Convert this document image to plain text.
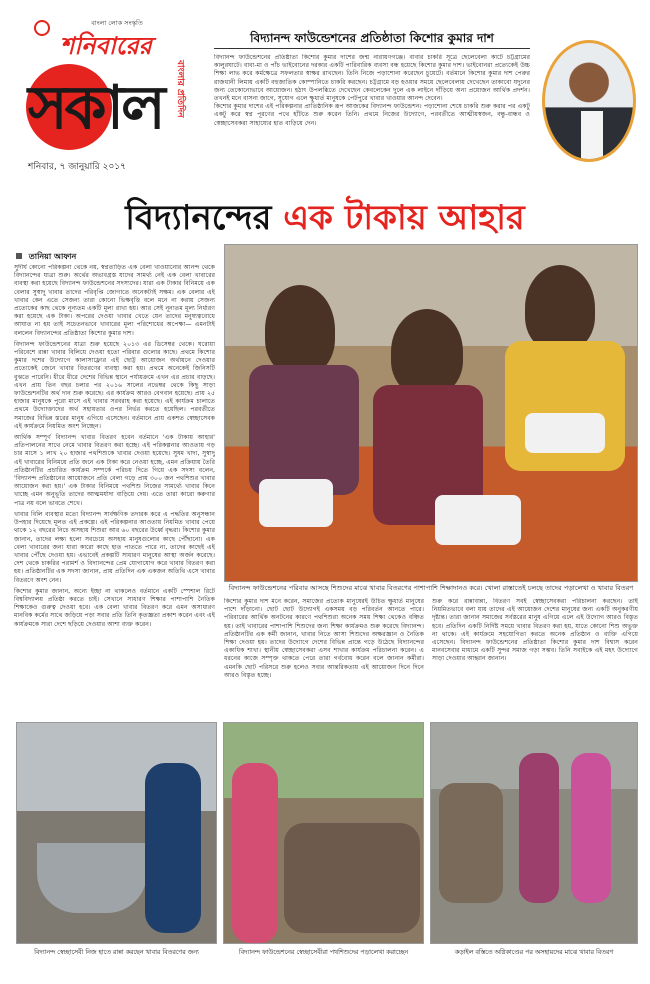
বাংলা লোক সংস্কৃতি
শনিবারের
সকাল বাংলার প্রতিদিন
শনিবার, ৭ জানুয়ারি ২০১৭
বিদ্যানন্দ ফাউন্ডেশনের প্রতিষ্ঠাতা কিশোর কুমার দাশ

বিদ্যানন্দ ফাউন্ডেশনের প্রতিষ্ঠাতা কিশোর কুমার দাশের জন্ম নারায়ণগঞ্জে। বাবার চাকরি সূত্রে ছেলেবেলা কাটে চট্টগ্রামের কালুরঘাটে। বাবা-মা ও পাঁচ ভাইবোনের দরকার একটি পারিবারিক ব্যবসা বন্ধ হয়েছে কিশোর কুমার দাশ। ভাইবোনরা প্রত্যেকেই উচ্চ শিক্ষা লাভ করে কর্মক্ষেত্রে সফলতার স্বাক্ষর রাখছেন। তিনি নিজে পড়াশোনা করেছেন চুয়েটে। বর্তমানে কিশোর কুমার দাশ পেরুর রাজধানী লিমায় একটি বহুজাতিক কোম্পানিতে চাকরি করছেন। চট্টগ্রামে বড় হওয়ার সময়ে ছেলেবেলায় দেখেছেন তাকাবো যদুনের জন্য তেকোনোভাবে আয়োজন। হঠাৎ উপলব্ধিতে দেখেছেন কেবলেকেন দুলে এক লাইনে দাঁড়িয়ে অন্য প্রয়োজন আর্থিক প্রদর্শন। তখনই মনে বাসনা জাগে, সুযোগ এলে ক্ষুধার্ত মানুষকে পেটপুরে খাবার খাওয়ার আনন্দ দেবেন।

কিশোর কুমার দাশের এই পরিকল্পনার প্রাতিষ্ঠানিক রূপ আজকের বিদ্যানন্দ ফাউন্ডেশন। পড়াশোনা শেষে চাকরি শুরু করার পর একটু একটু করে স্বপ্ন পূরণের পথে হাঁটতে শুরু করেন তিনি। প্রথমে নিজের উদ্যোগে, পরবর্তীতে আত্মীয়স্বজন, বন্ধু-বান্ধব ও স্বেচ্ছাসেবকরা সাহায্যের হাত বাড়িয়ে দেন।

বিদ্যানন্দের এক টাকায় আহার
তানিয়া আফান

সুদীর্ঘ কোনো পরিকল্পনা থেকে নয়, স্বপ্নতাড়িত এক বেলা খাওয়ানোর আনন্দ থেকে বিদ্যানন্দের যাত্রা শুরু। অর্থের অভাবগ্রস্ত যাদের সামর্থ্য নেই এক বেলা খাবারের ব্যবস্থা করা হয়েছে বিদ্যানন্দ ফাউন্ডেশনের সদস্যদের। যারা এক টাকার বিনিময়ে এক বেলার সুস্বাদু খাবার তাদের পরিবৃপ্তি জোগাতে অনেকটাই সক্ষম। এক বেলার এই খাবার কেন এতে সেজন্য তারা কোনো ভিক্ষবৃত্তি বলে মনে না করায় সেজন্য প্রত্যেকের কাছ থেকে নূন্যতম একটি মূল্য রাখা হয়। আর সেই নূন্যতম মূল্য নির্ধারণ করা হয়েছে এক টাকা। অপরের দেওয়া খাবার খেতে যেন তাদের মনুষ্যত্ববোধে আঘাত না হয় তাই সচেতনভাবে খাবারের মূল্য পরিশোধের অপেক্ষা— এমনটাই বললেন বিদ্যানন্দের প্রতিষ্ঠাতা কিশোর কুমার দাশ।

বিদ্যানন্দ ফাউন্ডেশনের যাত্রা শুরু হয়েছে ২০১৩ এর ডিসেম্বর থেকে। ঘরোয়া পরিবেশে রান্না খাবার বিলিয়ে দেওয়া হতো পরিবার গুলোর কাছে। প্রথমে কিশোর কুমার দশের উদ্যোগে কালাসাফ্ল্যের এই ছোট্ট আয়োজন অর্থায়নে দেওয়ার প্রত্যেকেই জেনে খাবার বিতরণের ব্যবস্থা করা হয়। প্রথমে অনেকেই জিনিসটি বুঝতে পারেনি। ধীরে ধীরে দেশের বিভিন্ন স্থানে পর্যায়ক্রমে এখন এর প্রচার বাড়ছে। এখন প্রায় তিন বছর চলার পর ২০১৬ সালের নভেম্বর থেকে কিছু সাড়া ফাউন্ডেশনটির অর্থ দান শুরু করেছে। এর কার্যক্রম আরও বেগবান হয়েছে। প্রায় ২৫ হাজার মানুষকে পুরো মাসে এই খাবার সরবরাহ করা হয়েছে। এই কার্যক্রম চালাতে প্রথমে উদ্যোক্তাদের অর্থ সহায়তার ওপর নির্ভর করতে হয়েছিল। পরবর্তীতে সমাজের বিভিন্ন স্তরের মানুষ এগিয়ে এসেছেন। বর্তমানে প্রায় একশত স্বেচ্ছাসেবক এই কার্যক্রমে নিয়মিত অংশ নিচ্ছেন।

আর্থিক সম্পূর্ণ বিদ্যানন্দ খাবার বিতরণ হবেন বর্তমানে 'এক টাকায় আহার' প্রতিপালনের সাথে নেমে খাবার বিতরণ করা হচ্ছে। এই পরিকল্পনার আওতায় গড় চার মাসে ১ লাখ ২০ হাজার পথশিশুকে খাবার দেওয়া হয়েছে। সুষম খাদ্য, সুস্বাদু এই খাবারের বিনিময়ে প্রতি জনে এক টাকা করে নেওয়া হচ্ছে, এমন প্রক্রিয়ায় তৈরি প্রতিষ্ঠানটির প্রচারিত কার্যক্রম সম্পর্কে পরিচয় দিতে গিয়ে এক সদস্য বলেন, 'বিদ্যানন্দ প্রতিষ্ঠানের আয়োজনে প্রতি বেলা গড়ে প্রায় ৩০০ জন পথশিশুর খাবার আয়োজন করা হয়।' এক টাকার বিনিময়ে পথশিশু নিজের সামর্থ্যে খাবার কিনে খাচ্ছে এমন অনুভূতি তাদের আত্মমর্যাদা বাড়িয়ে দেয়। এতে তারা কারো করুণার পাত্র নয় বলে ভাবতে শেখে।

খাবার বিলি ব্যবস্থার মতো বিদ্যানন্দ সার্বক্ষণিক তদারক করে এ পদ্ধতির অনুসন্ধান উপহার দিয়েছে মূলত এই প্রকল্পে। এই পরিকল্পনার আওতায় নিয়মিত খাবার পেয়ে থাকে ১২ বছরের নিচে অসহায় শিশুরা আর ৬০ বছরের উর্ধ্বে বৃদ্ধরা। কিশোর কুমার জানান, তাদের লক্ষ্য হলো সবচেয়ে অসহায় মানুষগুলোর কাছে পৌঁছানো। এক বেলা খাবারের জন্য যারা কারো কাছে হাত পাততে পারে না, তাদের কাছেই এই খাবার পৌঁছে দেওয়া হয়। এভাবেই প্রকল্পটি সাধারণ মানুষের আস্থা অর্জন করেছে। দেশ থেকে চাকরির পরামর্শ ও বিদ্যানন্দের প্রেম যোগাযোগ করে খাবার বিতরণ করা হয়। প্রতিষ্ঠানটির এক সদস্য জানান, প্রায় প্রতিদিন এক একজন অতিথি এসে খাবার বিতরণে অংশ নেন।

কিশোর কুমার জানান, অন্যে ইচ্ছা না থাকলেও বর্তমানে একটি স্পেশাল রিটে বিশ্ববিদ্যালয় প্রতিষ্ঠা করতে চাই। সেখানে সাধারণ শিক্ষার পাশাপাশি নৈতিক শিক্ষাকেও গুরুত্ব দেওয়া হবে। এক বেলা খাবার বিতরণ করে এমন অসাধারণ মানবিক কর্মের সাথে জড়িয়ে পড়া সবার প্রতি তিনি কৃতজ্ঞতা প্রকাশ করেন এবং এই কার্যক্রমকে সারা দেশে ছড়িয়ে দেওয়ার আশা ব্যক্ত করেন।

বিদ্যানন্দ ফাউন্ডেশনের পরিবার আসছে শিশুদের মাঝে খাবার বিতরণের পাশাপাশি শিক্ষাদানও করে। খোলা রাস্তাতেই চলছে তাদের পড়ালেখা ও খাবার বিতরণ
কিশোর কুমার দাশ মনে করেন, সমাজের প্রত্যেক মানুষেরই উচিত ক্ষুধার্ত মানুষের পাশে দাঁড়ানো। ছোট ছোট উদ্যোগই একসময় বড় পরিবর্তন আনতে পারে। পরিবারের আর্থিক অনটনের কারণে পথশিশুরা অনেক সময় শিক্ষা থেকেও বঞ্চিত হয়। তাই খাবারের পাশাপাশি শিশুদের জন্য শিক্ষা কার্যক্রমও শুরু করেছে বিদ্যানন্দ। প্রতিষ্ঠানটির এক কর্মী জানান, খাবার নিতে আসা শিশুদের অক্ষরজ্ঞান ও নৈতিক শিক্ষা দেওয়া হয়। তাদের উদ্যোগে দেশের বিভিন্ন প্রান্তে গড়ে উঠেছে বিদ্যানন্দের একাধিক শাখা। স্থানীয় স্বেচ্ছাসেবকরা এসব শাখার কার্যক্রম পরিচালনা করেন। এ ধরনের কাজে সম্পৃক্ত থাকতে পেরে তারা গর্ববোধ করেন বলে জানান কর্মীরা। এমনকি ছোট পরিসরে শুরু হলেও সবার আন্তরিকতায় এই আয়োজন দিনে দিনে আরও বিস্তৃত হচ্ছে।
শুরু করে রান্নাবান্না, বিতরণ সবই স্বেচ্ছাসেবকরা পরিচালনা করছেন। তাই নিয়মিতভাবে বলা যায় তাদের এই আয়োজন দেশের মানুষের জন্য একটি অনুকরণীয় দৃষ্টান্ত। তারা জানান সমাজের সর্বস্তরের মানুষ এগিয়ে এলে এই উদ্যোগ আরও বিস্তৃত হবে। প্রতিদিন একটি নির্দিষ্ট সময়ে খাবার বিতরণ করা হয়, যাতে কোনো শিশু অভুক্ত না থাকে। এই কার্যক্রমে সহযোগিতা করতে অনেক প্রতিষ্ঠান ও ব্যক্তি এগিয়ে এসেছেন। বিদ্যানন্দ ফাউন্ডেশনের প্রতিষ্ঠাতা কিশোর কুমার দাশ বিশ্বাস করেন মানবসেবার মাধ্যমে একটি সুন্দর সমাজ গড়া সম্ভব। তিনি সবাইকে এই মহৎ উদ্যোগে সাড়া দেওয়ার আহ্বান জানান।
বিদ্যানন্দ স্বেচ্ছাসেবী নিজ হাতে রান্না করছেন খাবার বিতরণের জন্য	বিদ্যানন্দ ফাউন্ডেশনের স্বেচ্ছাসেবীরা পথশিশুদের পড়ালেখা করাচ্ছেন	কড়াইল বস্তিতে অগ্নিকাণ্ডের পর অসহায়দের মাঝে খাবার বিতরণ
